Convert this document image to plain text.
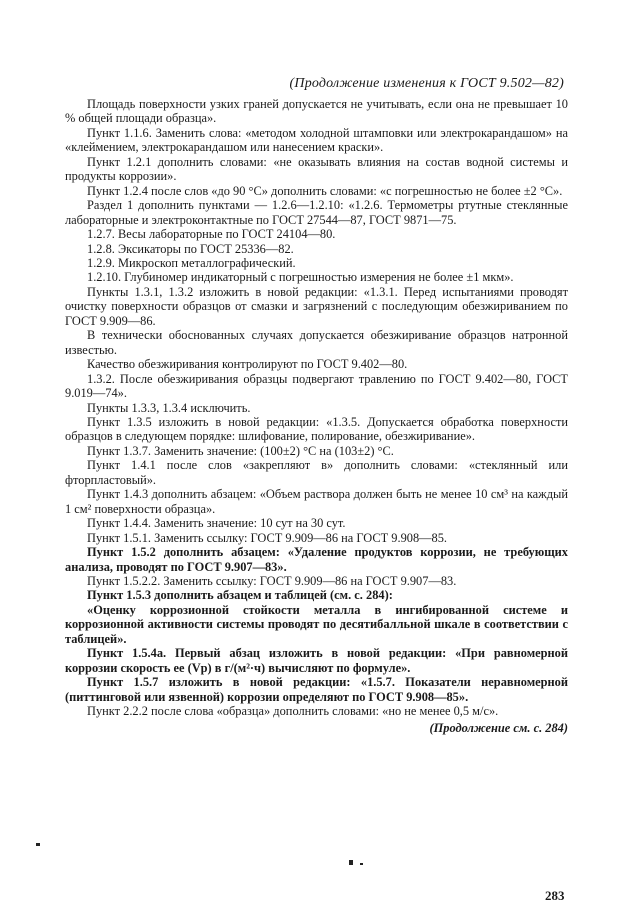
(Продолжение изменения к ГОСТ 9.502—82)

Площадь поверхности узких граней допускается не учитывать, если она не превышает 10 % общей площади образца».

Пункт 1.1.6. Заменить слова: «методом холодной штамповки или электрокарандашом» на «клеймением, электрокарандашом или нанесением краски».

Пункт 1.2.1 дополнить словами: «не оказывать влияния на состав водной системы и продукты коррозии».

Пункт 1.2.4 после слов «до 90 °С» дополнить словами: «с погрешностью не более ±2 °С».

Раздел 1 дополнить пунктами — 1.2.6—1.2.10: «1.2.6. Термометры ртутные стеклянные лабораторные и электроконтактные по ГОСТ 27544—87, ГОСТ 9871—75.

1.2.7. Весы лабораторные по ГОСТ 24104—80.

1.2.8. Эксикаторы по ГОСТ 25336—82.

1.2.9. Микроскоп металлографический.

1.2.10. Глубиномер индикаторный с погрешностью измерения не более ±1 мкм».

Пункты 1.3.1, 1.3.2 изложить в новой редакции: «1.3.1. Перед испытаниями проводят очистку поверхности образцов от смазки и загрязнений с последующим обезжириванием по ГОСТ 9.909—86.

В технически обоснованных случаях допускается обезжиривание образцов натронной известью.

Качество обезжиривания контролируют по ГОСТ 9.402—80.

1.3.2. После обезжиривания образцы подвергают травлению по ГОСТ 9.402—80, ГОСТ 9.019—74».

Пункты 1.3.3, 1.3.4 исключить.

Пункт 1.3.5 изложить в новой редакции: «1.3.5. Допускается обработка поверхности образцов в следующем порядке: шлифование, полирование, обезжиривание».

Пункт 1.3.7. Заменить значение: (100±2) °С на (103±2) °С.

Пункт 1.4.1 после слов «закрепляют в» дополнить словами: «стеклянный или фторпластовый».

Пункт 1.4.3 дополнить абзацем: «Объем раствора должен быть не менее 10 см³ на каждый 1 см² поверхности образца».

Пункт 1.4.4. Заменить значение: 10 сут на 30 сут.

Пункт 1.5.1. Заменить ссылку: ГОСТ 9.909—86 на ГОСТ 9.908—85.

Пункт 1.5.2 дополнить абзацем: «Удаление продуктов коррозии, не требующих анализа, проводят по ГОСТ 9.907—83».

Пункт 1.5.2.2. Заменить ссылку: ГОСТ 9.909—86 на ГОСТ 9.907—83.

Пункт 1.5.3 дополнить абзацем и таблицей (см. с. 284):

«Оценку коррозионной стойкости металла в ингибированной системе и коррозионной активности системы проводят по десятибалльной шкале в соответствии с таблицей».

Пункт 1.5.4а. Первый абзац изложить в новой редакции: «При равномерной коррозии скорость ее (Vр) в г/(м²·ч) вычисляют по формуле».

Пункт 1.5.7 изложить в новой редакции: «1.5.7. Показатели неравномерной (питтинговой или язвенной) коррозии определяют по ГОСТ 9.908—85».

Пункт 2.2.2 после слова «образца» дополнить словами: «но не менее 0,5 м/с».

(Продолжение см. с. 284)

283
